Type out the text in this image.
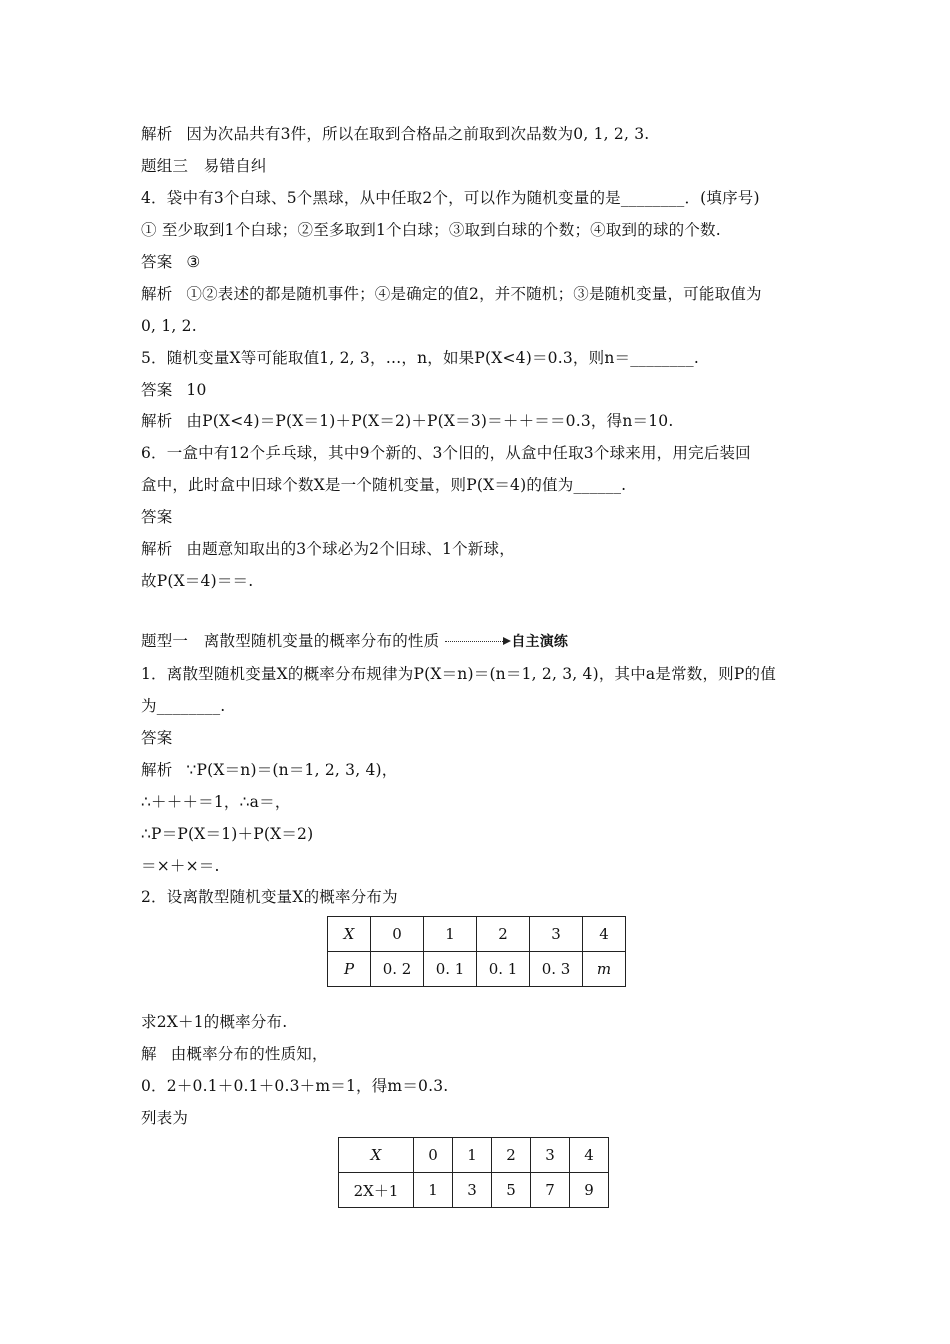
解析 因为次品共有3件，所以在取到合格品之前取到次品数为0, 1, 2, 3.
题组三　易错自纠
4．袋中有3个白球、5个黑球，从中任取2个，可以作为随机变量的是________．(填序号)
① 至少取到1个白球；②至多取到1个白球；③取到白球的个数；④取到的球的个数.
答案 ③
解析 ①②表述的都是随机事件；④是确定的值2，并不随机；③是随机变量，可能取值为
0, 1, 2.
5．随机变量X等可能取值1, 2, 3，…，n，如果P(X<4)＝0.3，则n＝________.
答案 10
解析 由P(X<4)＝P(X＝1)＋P(X＝2)＋P(X＝3)＝＋＋＝＝0.3，得n＝10.
6．一盒中有12个乒乓球，其中9个新的、3个旧的，从盒中任取3个球来用，用完后装回
盒中，此时盒中旧球个数X是一个随机变量，则P(X＝4)的值为______.
答案
解析 由题意知取出的3个球必为2个旧球、1个新球，
故P(X＝4)＝＝.
题型一　离散型随机变量的概率分布的性质	自主演练
1．离散型随机变量X的概率分布规律为P(X＝n)＝(n＝1, 2, 3, 4)，其中a是常数，则P的值
为________.
答案
解析 ∵P(X＝n)＝(n＝1, 2, 3, 4)，
∴＋＋＋＝1，∴a＝，
∴P＝P(X＝1)＋P(X＝2)
＝×＋×＝.
2．设离散型随机变量X的概率分布为
X	0	1	2	3	4
P	0. 2	0. 1	0. 1	0. 3	m
求2X＋1的概率分布.
解 由概率分布的性质知，
0．2＋0.1＋0.1＋0.3＋m＝1，得m＝0.3.
列表为
X	0	1	2	3	4
2X＋1	1	3	5	7	9
